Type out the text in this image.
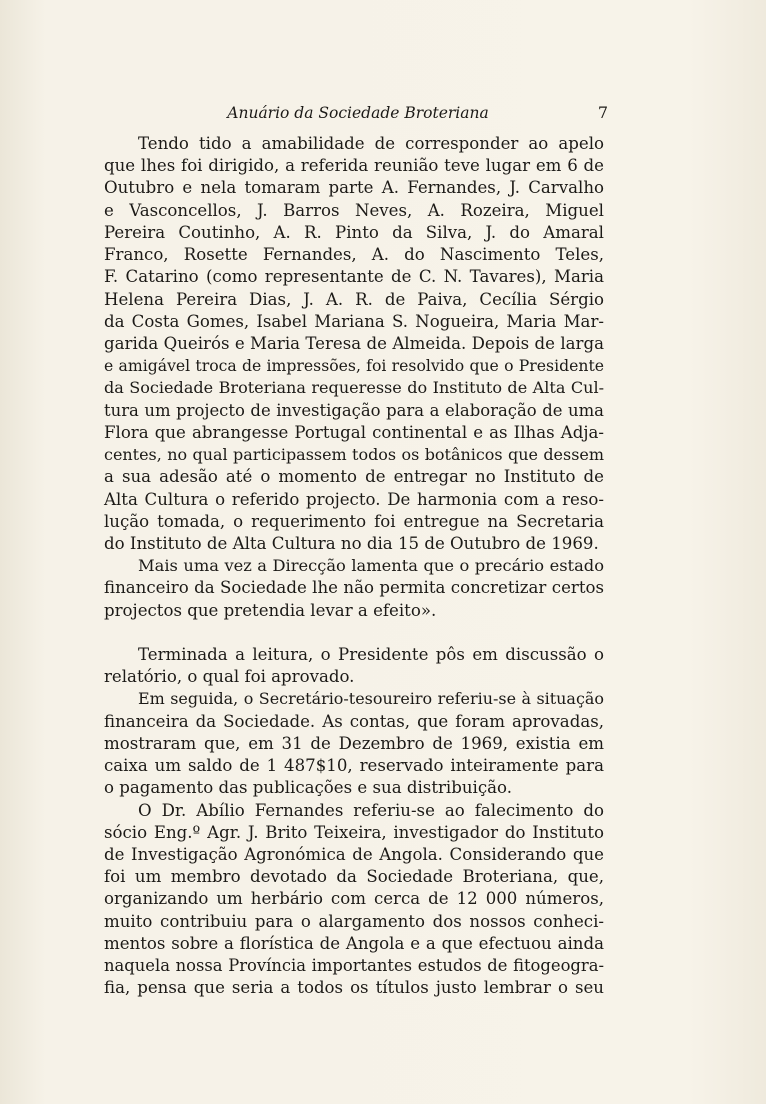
Anuário da Sociedade Broteriana	7
Tendo tido a amabilidade de corresponder ao apelo
que lhes foi dirigido, a referida reunião teve lugar em 6 de
Outubro e nela tomaram parte A. Fernandes, J. Carvalho
e Vasconcellos, J. Barros Neves, A. Rozeira, Miguel
Pereira Coutinho, A. R. Pinto da Silva, J. do Amaral
Franco, Rosette Fernandes, A. do Nascimento Teles,
F. Catarino (como representante de C. N. Tavares), Maria
Helena Pereira Dias, J. A. R. de Paiva, Cecília Sérgio
da Costa Gomes, Isabel Mariana S. Nogueira, Maria Mar-
garida Queirós e Maria Teresa de Almeida. Depois de larga
e amigável troca de impressões, foi resolvido que o Presidente
da Sociedade Broteriana requeresse do Instituto de Alta Cul-
tura um projecto de investigação para a elaboração de uma
Flora que abrangesse Portugal continental e as Ilhas Adja-
centes, no qual participassem todos os botânicos que dessem
a sua adesão até o momento de entregar no Instituto de
Alta Cultura o referido projecto. De harmonia com a reso-
lução tomada, o requerimento foi entregue na Secretaria
do Instituto de Alta Cultura no dia 15 de Outubro de 1969.
Mais uma vez a Direcção lamenta que o precário estado
financeiro da Sociedade lhe não permita concretizar certos
projectos que pretendia levar a efeito».
Terminada a leitura, o Presidente pôs em discussão o
relatório, o qual foi aprovado.
Em seguida, o Secretário-tesoureiro referiu-se à situação
financeira da Sociedade. As contas, que foram aprovadas,
mostraram que, em 31 de Dezembro de 1969, existia em
caixa um saldo de 1 487$10, reservado inteiramente para
o pagamento das publicações e sua distribuição.
O Dr. Abílio Fernandes referiu-se ao falecimento do
sócio Eng.º Agr. J. Brito Teixeira, investigador do Instituto
de Investigação Agronómica de Angola. Considerando que
foi um membro devotado da Sociedade Broteriana, que,
organizando um herbário com cerca de 12 000 números,
muito contribuiu para o alargamento dos nossos conheci-
mentos sobre a florística de Angola e a que efectuou ainda
naquela nossa Província importantes estudos de fitogeogra-
fia, pensa que seria a todos os títulos justo lembrar o seu
